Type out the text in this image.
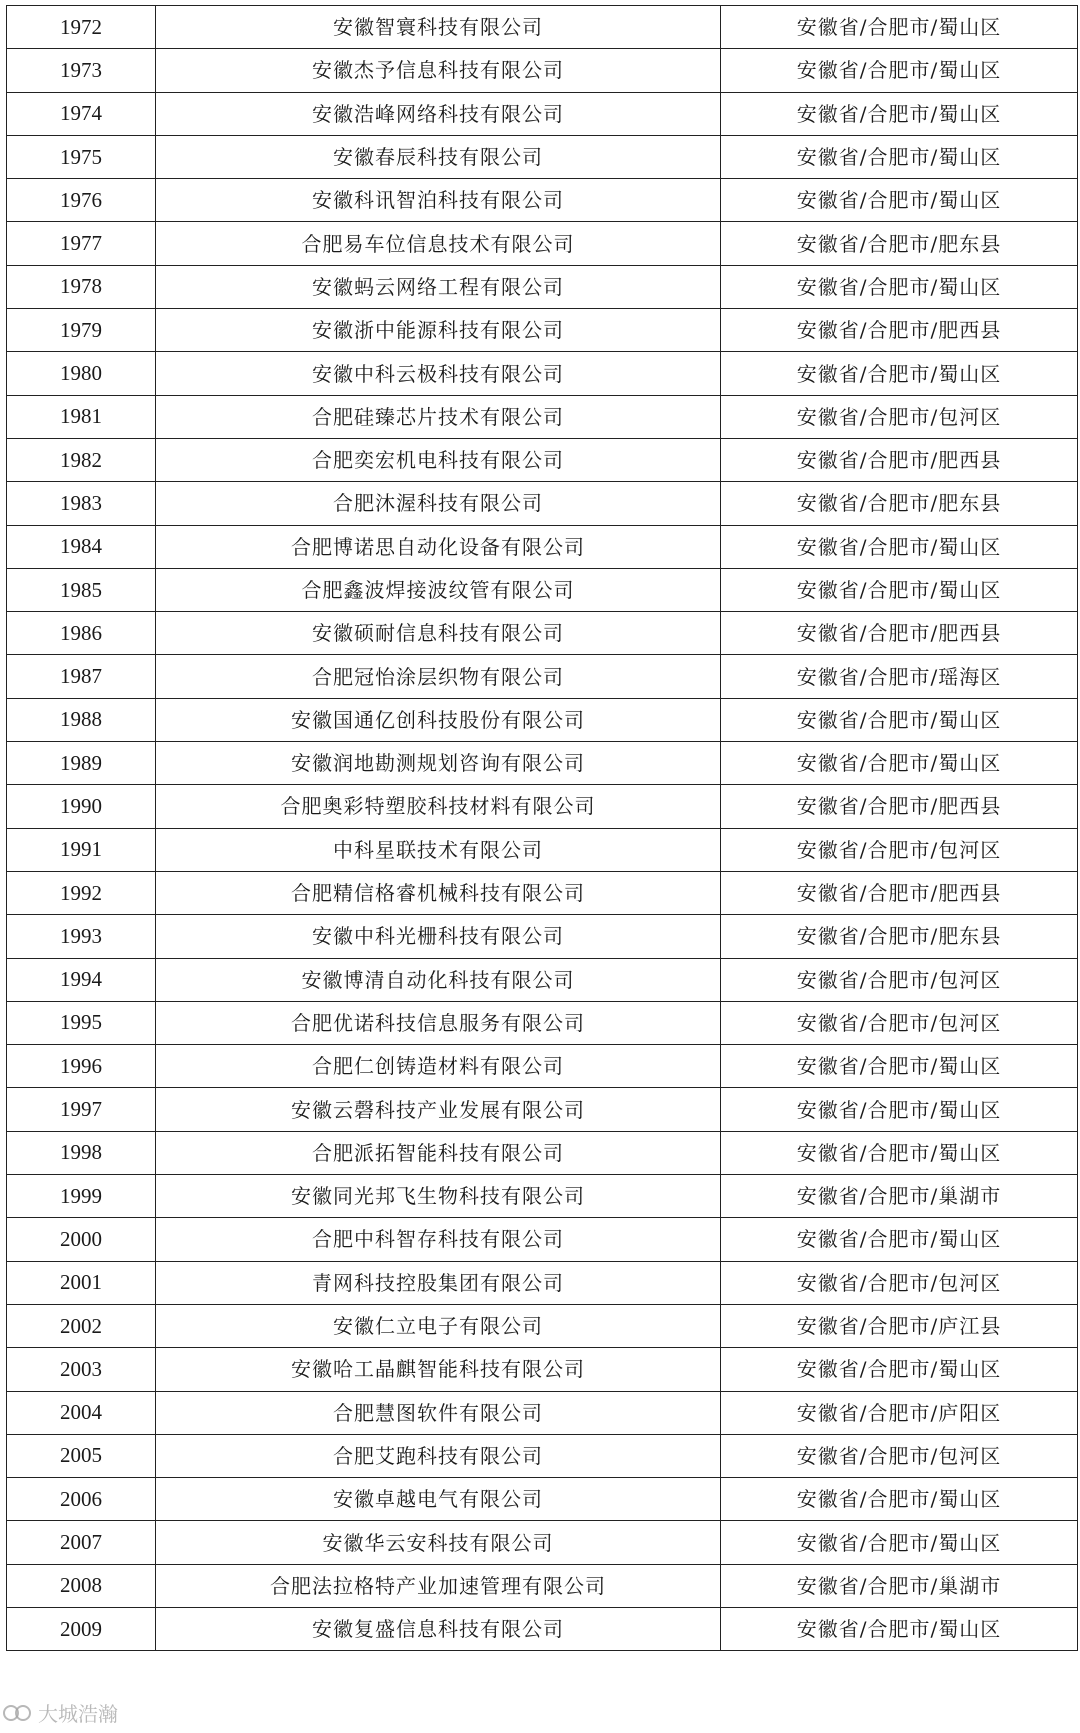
1972	安徽智寰科技有限公司	安徽省/合肥市/蜀山区
1973	安徽杰予信息科技有限公司	安徽省/合肥市/蜀山区
1974	安徽浩峰网络科技有限公司	安徽省/合肥市/蜀山区
1975	安徽春辰科技有限公司	安徽省/合肥市/蜀山区
1976	安徽科讯智泊科技有限公司	安徽省/合肥市/蜀山区
1977	合肥易车位信息技术有限公司	安徽省/合肥市/肥东县
1978	安徽蚂云网络工程有限公司	安徽省/合肥市/蜀山区
1979	安徽浙中能源科技有限公司	安徽省/合肥市/肥西县
1980	安徽中科云极科技有限公司	安徽省/合肥市/蜀山区
1981	合肥硅臻芯片技术有限公司	安徽省/合肥市/包河区
1982	合肥奕宏机电科技有限公司	安徽省/合肥市/肥西县
1983	合肥沐渥科技有限公司	安徽省/合肥市/肥东县
1984	合肥博诺思自动化设备有限公司	安徽省/合肥市/蜀山区
1985	合肥鑫波焊接波纹管有限公司	安徽省/合肥市/蜀山区
1986	安徽硕耐信息科技有限公司	安徽省/合肥市/肥西县
1987	合肥冠怡涂层织物有限公司	安徽省/合肥市/瑶海区
1988	安徽国通亿创科技股份有限公司	安徽省/合肥市/蜀山区
1989	安徽润地勘测规划咨询有限公司	安徽省/合肥市/蜀山区
1990	合肥奥彩特塑胶科技材料有限公司	安徽省/合肥市/肥西县
1991	中科星联技术有限公司	安徽省/合肥市/包河区
1992	合肥精信格睿机械科技有限公司	安徽省/合肥市/肥西县
1993	安徽中科光栅科技有限公司	安徽省/合肥市/肥东县
1994	安徽博清自动化科技有限公司	安徽省/合肥市/包河区
1995	合肥优诺科技信息服务有限公司	安徽省/合肥市/包河区
1996	合肥仁创铸造材料有限公司	安徽省/合肥市/蜀山区
1997	安徽云磬科技产业发展有限公司	安徽省/合肥市/蜀山区
1998	合肥派拓智能科技有限公司	安徽省/合肥市/蜀山区
1999	安徽同光邦飞生物科技有限公司	安徽省/合肥市/巢湖市
2000	合肥中科智存科技有限公司	安徽省/合肥市/蜀山区
2001	青网科技控股集团有限公司	安徽省/合肥市/包河区
2002	安徽仁立电子有限公司	安徽省/合肥市/庐江县
2003	安徽哈工晶麒智能科技有限公司	安徽省/合肥市/蜀山区
2004	合肥慧图软件有限公司	安徽省/合肥市/庐阳区
2005	合肥艾跑科技有限公司	安徽省/合肥市/包河区
2006	安徽卓越电气有限公司	安徽省/合肥市/蜀山区
2007	安徽华云安科技有限公司	安徽省/合肥市/蜀山区
2008	合肥法拉格特产业加速管理有限公司	安徽省/合肥市/巢湖市
2009	安徽复盛信息科技有限公司	安徽省/合肥市/蜀山区
大城浩瀚
